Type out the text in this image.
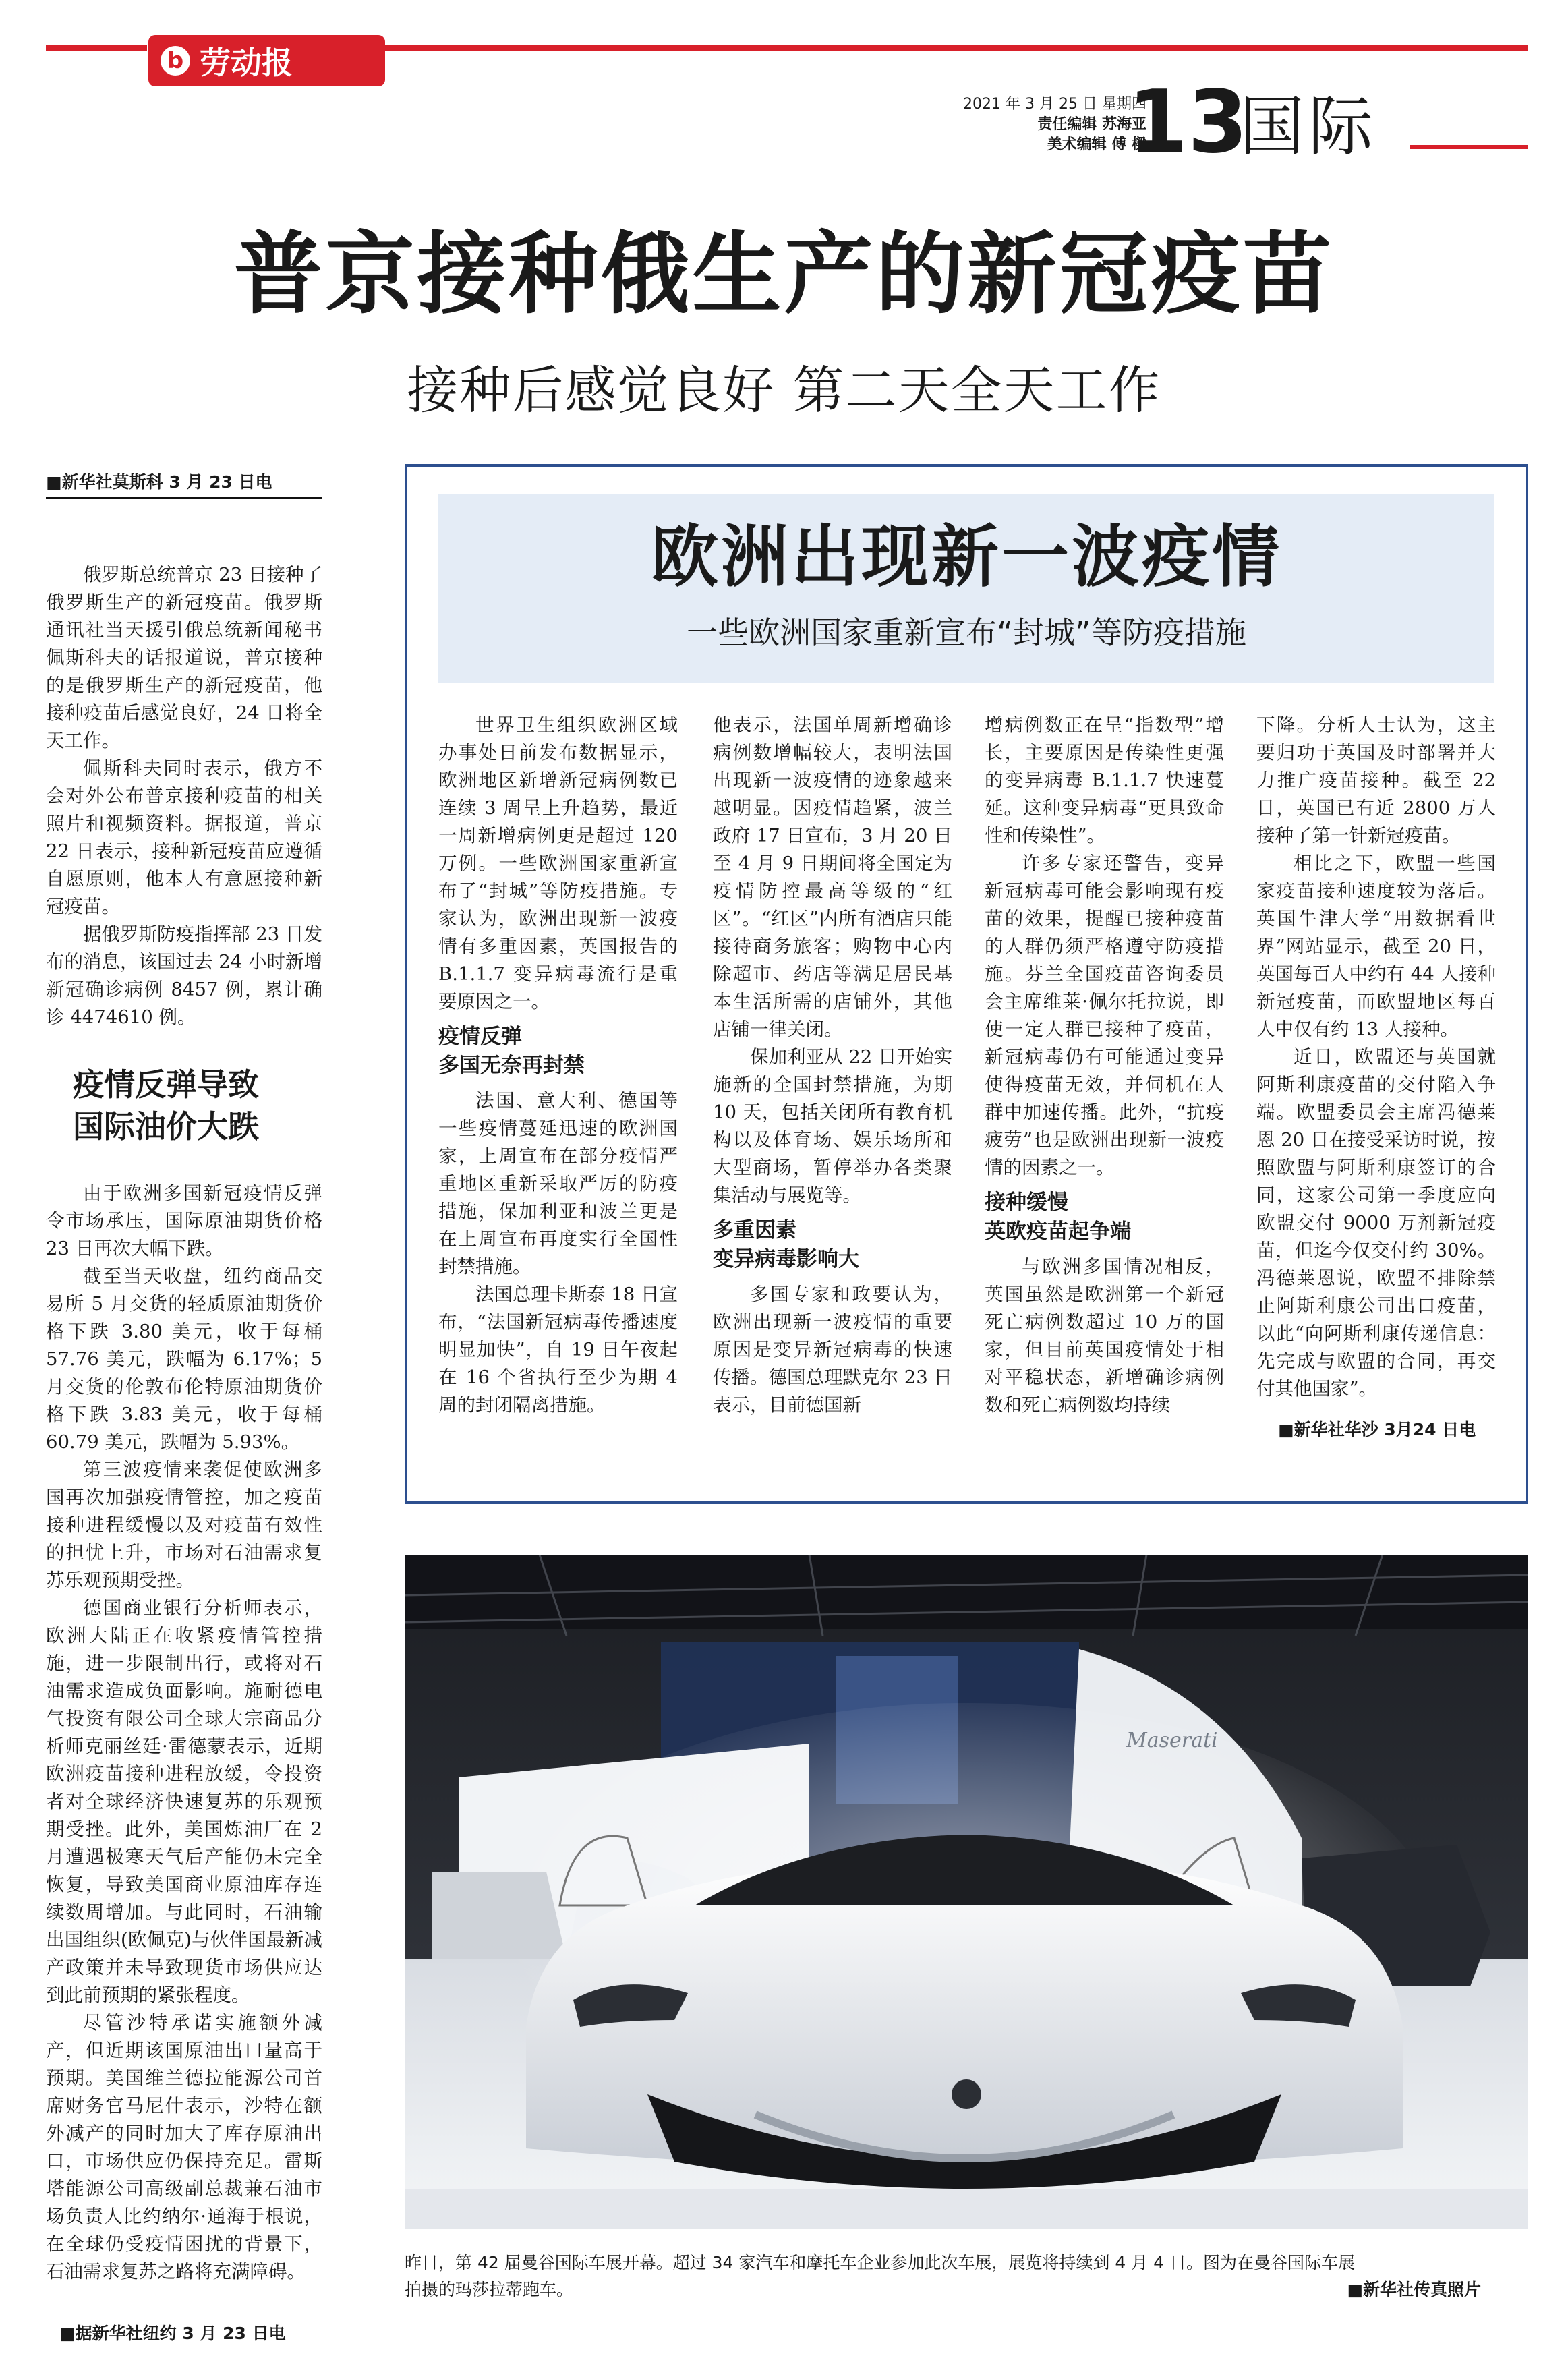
b 劳动报
2021 年 3 月 25 日 星期四
责任编辑 苏海亚
美术编辑 傅 樑
13
国际
普京接种俄生产的新冠疫苗
接种后感觉良好 第二天全天工作
■新华社莫斯科 3 月 23 日电

俄罗斯总统普京 23 日接种了俄罗斯生产的新冠疫苗。俄罗斯通讯社当天援引俄总统新闻秘书佩斯科夫的话报道说，普京接种的是俄罗斯生产的新冠疫苗，他接种疫苗后感觉良好，24 日将全天工作。

佩斯科夫同时表示，俄方不会对外公布普京接种疫苗的相关照片和视频资料。据报道，普京 22 日表示，接种新冠疫苗应遵循自愿原则，他本人有意愿接种新冠疫苗。

据俄罗斯防疫指挥部 23 日发布的消息，该国过去 24 小时新增新冠确诊病例 8457 例，累计确诊 4474610 例。

疫情反弹导致
国际油价大跌

由于欧洲多国新冠疫情反弹令市场承压，国际原油期货价格 23 日再次大幅下跌。

截至当天收盘，纽约商品交易所 5 月交货的轻质原油期货价格下跌 3.80 美元，收于每桶 57.76 美元，跌幅为 6.17%；5 月交货的伦敦布伦特原油期货价格下跌 3.83 美元，收于每桶 60.79 美元，跌幅为 5.93%。

第三波疫情来袭促使欧洲多国再次加强疫情管控，加之疫苗接种进程缓慢以及对疫苗有效性的担忧上升，市场对石油需求复苏乐观预期受挫。

德国商业银行分析师表示，欧洲大陆正在收紧疫情管控措施，进一步限制出行，或将对石油需求造成负面影响。施耐德电气投资有限公司全球大宗商品分析师克丽丝廷·雷德蒙表示，近期欧洲疫苗接种进程放缓，令投资者对全球经济快速复苏的乐观预期受挫。此外，美国炼油厂在 2 月遭遇极寒天气后产能仍未完全恢复，导致美国商业原油库存连续数周增加。与此同时，石油输出国组织(欧佩克)与伙伴国最新减产政策并未导致现货市场供应达到此前预期的紧张程度。

尽管沙特承诺实施额外减产，但近期该国原油出口量高于预期。美国维兰德拉能源公司首席财务官马尼什表示，沙特在额外减产的同时加大了库存原油出口，市场供应仍保持充足。雷斯塔能源公司高级副总裁兼石油市场负责人比约纳尔·通海于根说，在全球仍受疫情困扰的背景下，石油需求复苏之路将充满障碍。

■据新华社纽约 3 月 23 日电
欧洲出现新一波疫情
一些欧洲国家重新宣布“封城”等防疫措施

世界卫生组织欧洲区域办事处日前发布数据显示，欧洲地区新增新冠病例数已连续 3 周呈上升趋势，最近一周新增病例更是超过 120 万例。一些欧洲国家重新宣布了“封城”等防疫措施。专家认为，欧洲出现新一波疫情有多重因素，英国报告的 B.1.1.7 变异病毒流行是重要原因之一。

疫情反弹
多国无奈再封禁

法国、意大利、德国等一些疫情蔓延迅速的欧洲国家，上周宣布在部分疫情严重地区重新采取严厉的防疫措施，保加利亚和波兰更是在上周宣布再度实行全国性封禁措施。

法国总理卡斯泰 18 日宣布，“法国新冠病毒传播速度明显加快”，自 19 日午夜起在 16 个省执行至少为期 4 周的封闭隔离措施。

他表示，法国单周新增确诊病例数增幅较大，表明法国出现新一波疫情的迹象越来越明显。因疫情趋紧，波兰政府 17 日宣布，3 月 20 日至 4 月 9 日期间将全国定为疫情防控最高等级的“红区”。“红区”内所有酒店只能接待商务旅客；购物中心内除超市、药店等满足居民基本生活所需的店铺外，其他店铺一律关闭。

保加利亚从 22 日开始实施新的全国封禁措施，为期 10 天，包括关闭所有教育机构以及体育场、娱乐场所和大型商场，暂停举办各类聚集活动与展览等。

多重因素
变异病毒影响大

多国专家和政要认为，欧洲出现新一波疫情的重要原因是变异新冠病毒的快速传播。德国总理默克尔 23 日表示，目前德国新

增病例数正在呈“指数型”增长，主要原因是传染性更强的变异病毒 B.1.1.7 快速蔓延。这种变异病毒“更具致命性和传染性”。

许多专家还警告，变异新冠病毒可能会影响现有疫苗的效果，提醒已接种疫苗的人群仍须严格遵守防疫措施。芬兰全国疫苗咨询委员会主席维莱·佩尔托拉说，即使一定人群已接种了疫苗，新冠病毒仍有可能通过变异使得疫苗无效，并伺机在人群中加速传播。此外，“抗疫疲劳”也是欧洲出现新一波疫情的因素之一。

接种缓慢
英欧疫苗起争端

与欧洲多国情况相反，英国虽然是欧洲第一个新冠死亡病例数超过 10 万的国家，但目前英国疫情处于相对平稳状态，新增确诊病例数和死亡病例数均持续

下降。分析人士认为，这主要归功于英国及时部署并大力推广疫苗接种。截至 22 日，英国已有近 2800 万人接种了第一针新冠疫苗。

相比之下，欧盟一些国家疫苗接种速度较为落后。英国牛津大学“用数据看世界”网站显示，截至 20 日，英国每百人中约有 44 人接种新冠疫苗，而欧盟地区每百人中仅有约 13 人接种。

近日，欧盟还与英国就阿斯利康疫苗的交付陷入争端。欧盟委员会主席冯德莱恩 20 日在接受采访时说，按照欧盟与阿斯利康签订的合同，这家公司第一季度应向欧盟交付 9000 万剂新冠疫苗，但迄今仅交付约 30%。冯德莱恩说，欧盟不排除禁止阿斯利康公司出口疫苗，以此“向阿斯利康传递信息：先完成与欧盟的合同，再交付其他国家”。

■新华社华沙 3月24 日电
昨日，第 42 届曼谷国际车展开幕。超过 34 家汽车和摩托车企业参加此次车展，展览将持续到 4 月 4 日。图为在曼谷国际车展
拍摄的玛莎拉蒂跑车。	■新华社传真照片
